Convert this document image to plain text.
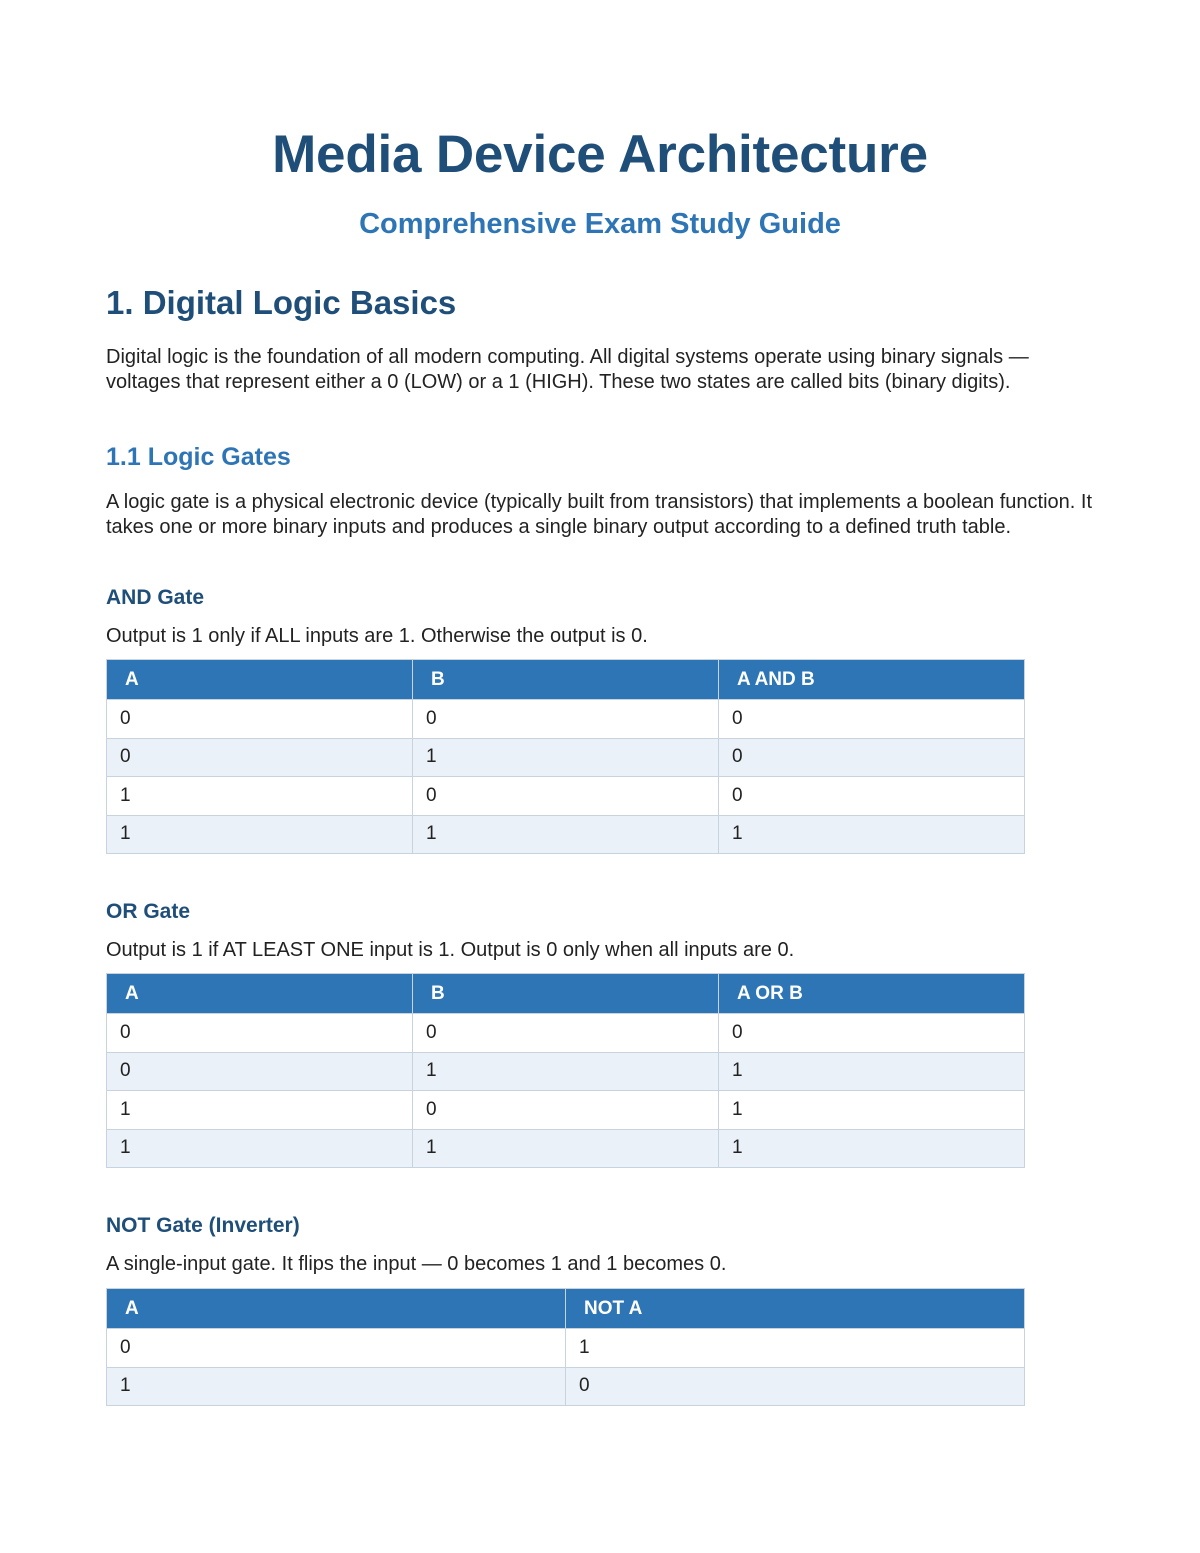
Media Device Architecture
Comprehensive Exam Study Guide
1. Digital Logic Basics

Digital logic is the foundation of all modern computing. All digital systems operate using binary signals — voltages that represent either a 0 (LOW) or a 1 (HIGH). These two states are called bits (binary digits).

1.1 Logic Gates

A logic gate is a physical electronic device (typically built from transistors) that implements a boolean function. It takes one or more binary inputs and produces a single binary output according to a defined truth table.

AND Gate

Output is 1 only if ALL inputs are 1. Otherwise the output is 0.

A	B	A AND B
0	0	0
0	1	0
1	0	0
1	1	1
OR Gate

Output is 1 if AT LEAST ONE input is 1. Output is 0 only when all inputs are 0.

A	B	A OR B
0	0	0
0	1	1
1	0	1
1	1	1
NOT Gate (Inverter)

A single-input gate. It flips the input — 0 becomes 1 and 1 becomes 0.

A	NOT A
0	1
1	0
